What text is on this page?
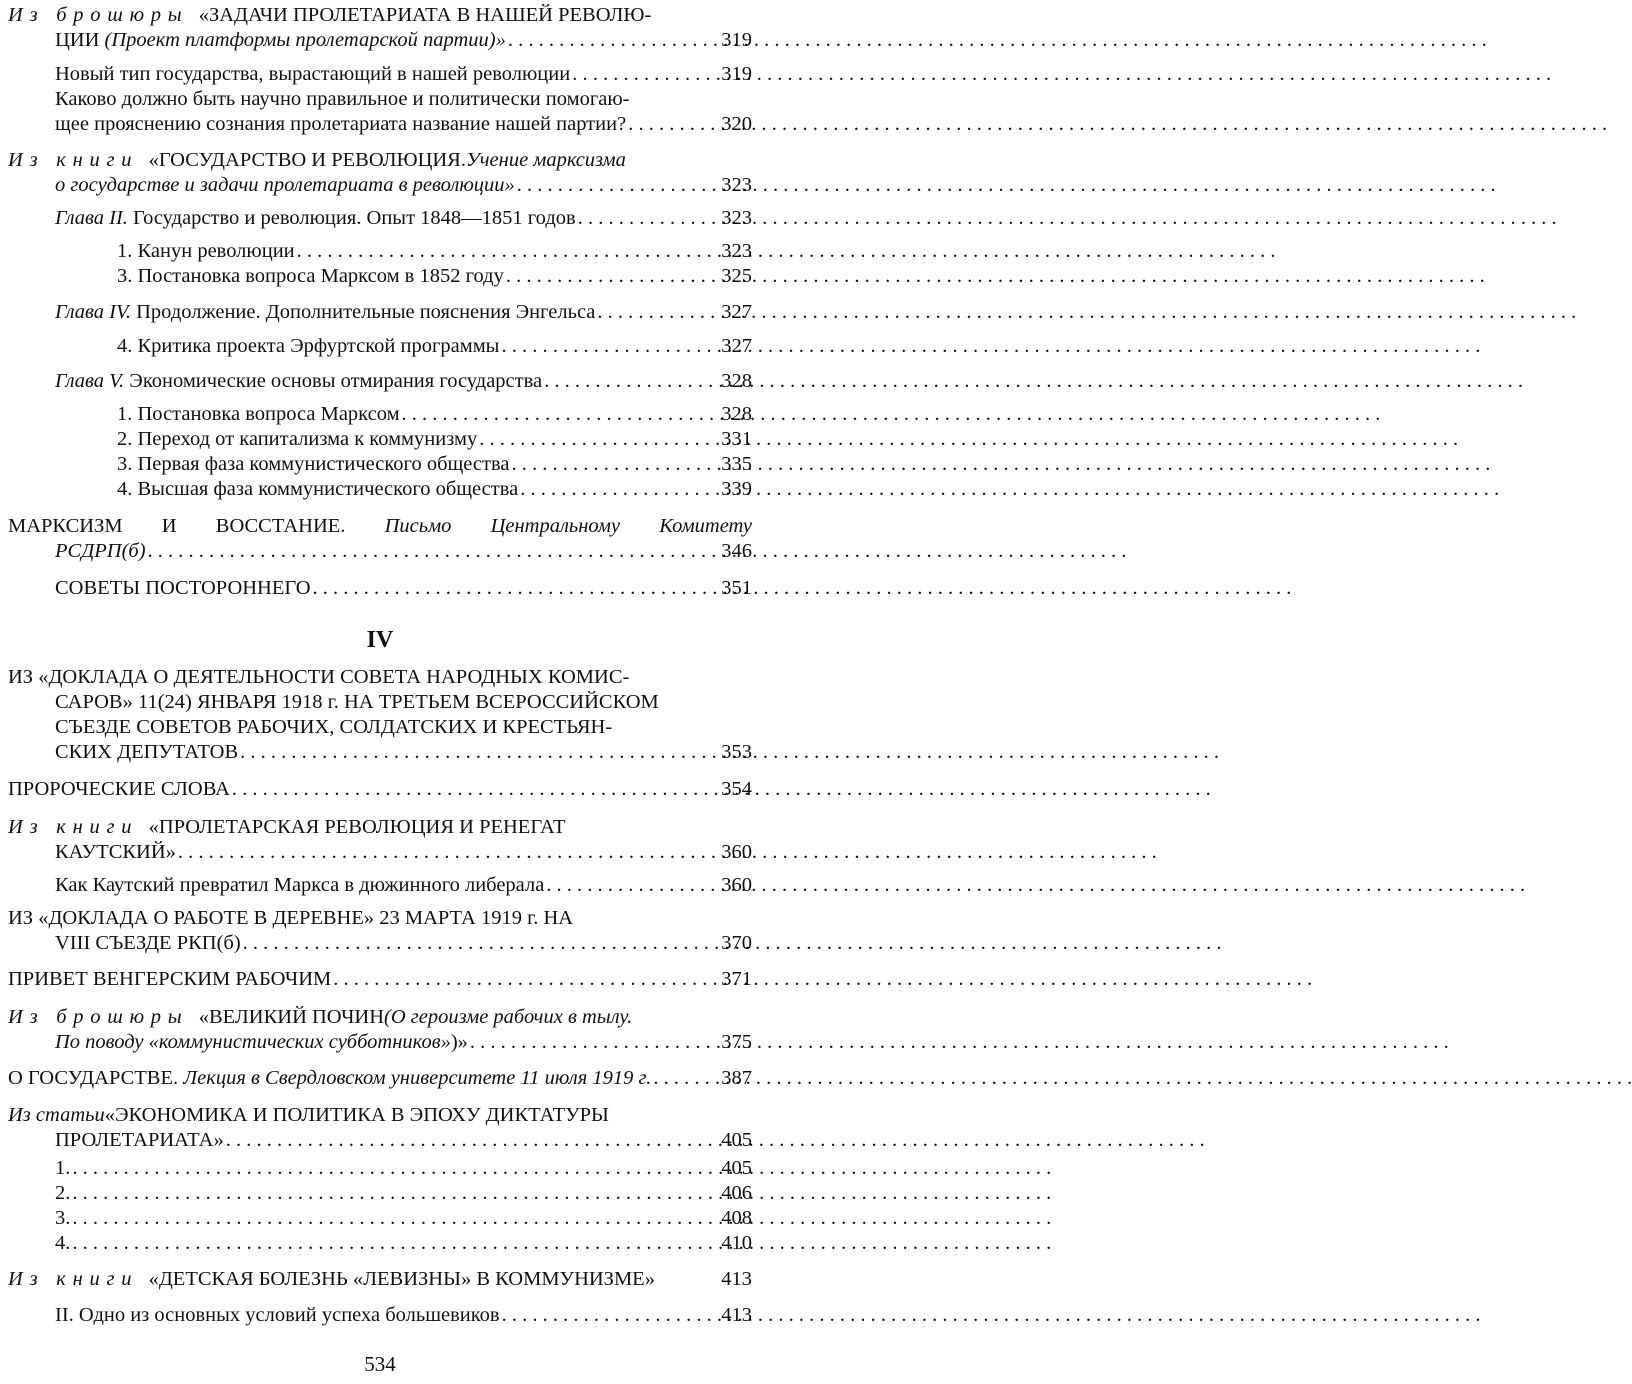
Из брошюры
«ЗАДАЧИ ПРОЛЕТАРИАТА В НАШЕЙ РЕВОЛЮ-
ЦИИ (Проект платформы пролетарской партии)» . . .	319
Новый тип государства, вырастающий в нашей революции . . .	319
Каково должно быть научно правильное и политически помогаю-
щее прояснению сознания пролетариата название нашей партии? . . .	320
Из книги
«ГОСУДАРСТВО И РЕВОЛЮЦИЯ. Учение марксизма
о государстве и задачи пролетариата в революции» . . .	323
Глава II. Государство и революция. Опыт 1848—1851 годов . . .	323
1. Канун революции . . .	323
3. Постановка вопроса Марксом в 1852 году . . .	325
Глава IV. Продолжение. Дополнительные пояснения Энгельса . . .	327
4. Критика проекта Эрфуртской программы . . .	327
Глава V. Экономические основы отмирания государства . . .	328
1. Постановка вопроса Марксом . . .	328
2. Переход от капитализма к коммунизму . . .	331
3. Первая фаза коммунистического общества . . .	335
4. Высшая фаза коммунистического общества . . .	339
МАРКСИЗМ И ВОССТАНИЕ. Письмо Центральному Комитету
РСДРП(б) . . .	346
СОВЕТЫ ПОСТОРОННЕГО . . .	351
IV
ИЗ «ДОКЛАДА О ДЕЯТЕЛЬНОСТИ СОВЕТА НАРОДНЫХ КОМИС-
САРОВ» 11(24) ЯНВАРЯ 1918 г. НА ТРЕТЬЕМ ВСЕРОССИЙСКОМ
СЪЕЗДЕ СОВЕТОВ РАБОЧИХ, СОЛДАТСКИХ И КРЕСТЬЯН-
СКИХ ДЕПУТАТОВ . . .	353
ПРОРОЧЕСКИЕ СЛОВА . . .	354
Из книги
«ПРОЛЕТАРСКАЯ РЕВОЛЮЦИЯ И РЕНЕГАТ
КАУТСКИЙ» . . .	360
Как Каутский превратил Маркса в дюжинного либерала . . .	360
ИЗ «ДОКЛАДА О РАБОТЕ В ДЕРЕВНЕ» 23 МАРТА 1919 г. НА
VIII СЪЕЗДЕ РКП(б) . . .	370
ПРИВЕТ ВЕНГЕРСКИМ РАБОЧИМ . . .	371
Из брошюры
«ВЕЛИКИЙ ПОЧИН (О героизме рабочих в тылу.
По поводу «коммунистических субботников»)» . . .	375
О ГОСУДАРСТВЕ. Лекция в Свердловском университете 11 июля 1919 г. . . .	387
Из статьи «ЭКОНОМИКА И ПОЛИТИКА В ЭПОХУ ДИКТАТУРЫ
ПРОЛЕТАРИАТА» . . .	405
1. . . .	405
2. . . .	406
3. . . .	408
4. . . .	410
Из книги
«ДЕТСКАЯ БОЛЕЗНЬ «ЛЕВИЗНЫ» В КОММУНИЗМЕ»	413
II. Одно из основных условий успеха большевиков . . .	413
534
